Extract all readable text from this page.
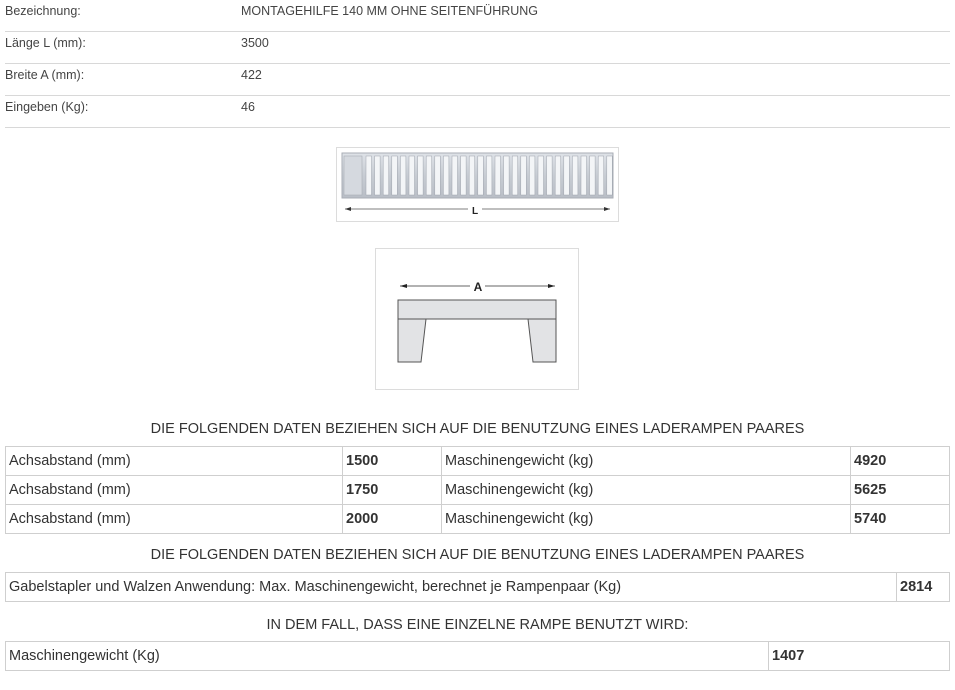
Bezeichnung:	MONTAGEHILFE 140 MM OHNE SEITENFÜHRUNG
Länge L (mm):	3500
Breite A (mm):	422
Eingeben (Kg):	46
L
A
DIE FOLGENDEN DATEN BEZIEHEN SICH AUF DIE BENUTZUNG EINES LADERAMPEN PAARES
Achsabstand (mm)	1500	Maschinengewicht (kg)	4920
Achsabstand (mm)	1750	Maschinengewicht (kg)	5625
Achsabstand (mm)	2000	Maschinengewicht (kg)	5740
DIE FOLGENDEN DATEN BEZIEHEN SICH AUF DIE BENUTZUNG EINES LADERAMPEN PAARES
Gabelstapler und Walzen Anwendung: Max. Maschinengewicht, berechnet je Rampenpaar (Kg)	2814
IN DEM FALL, DASS EINE EINZELNE RAMPE BENUTZT WIRD:
Maschinengewicht (Kg)	1407
